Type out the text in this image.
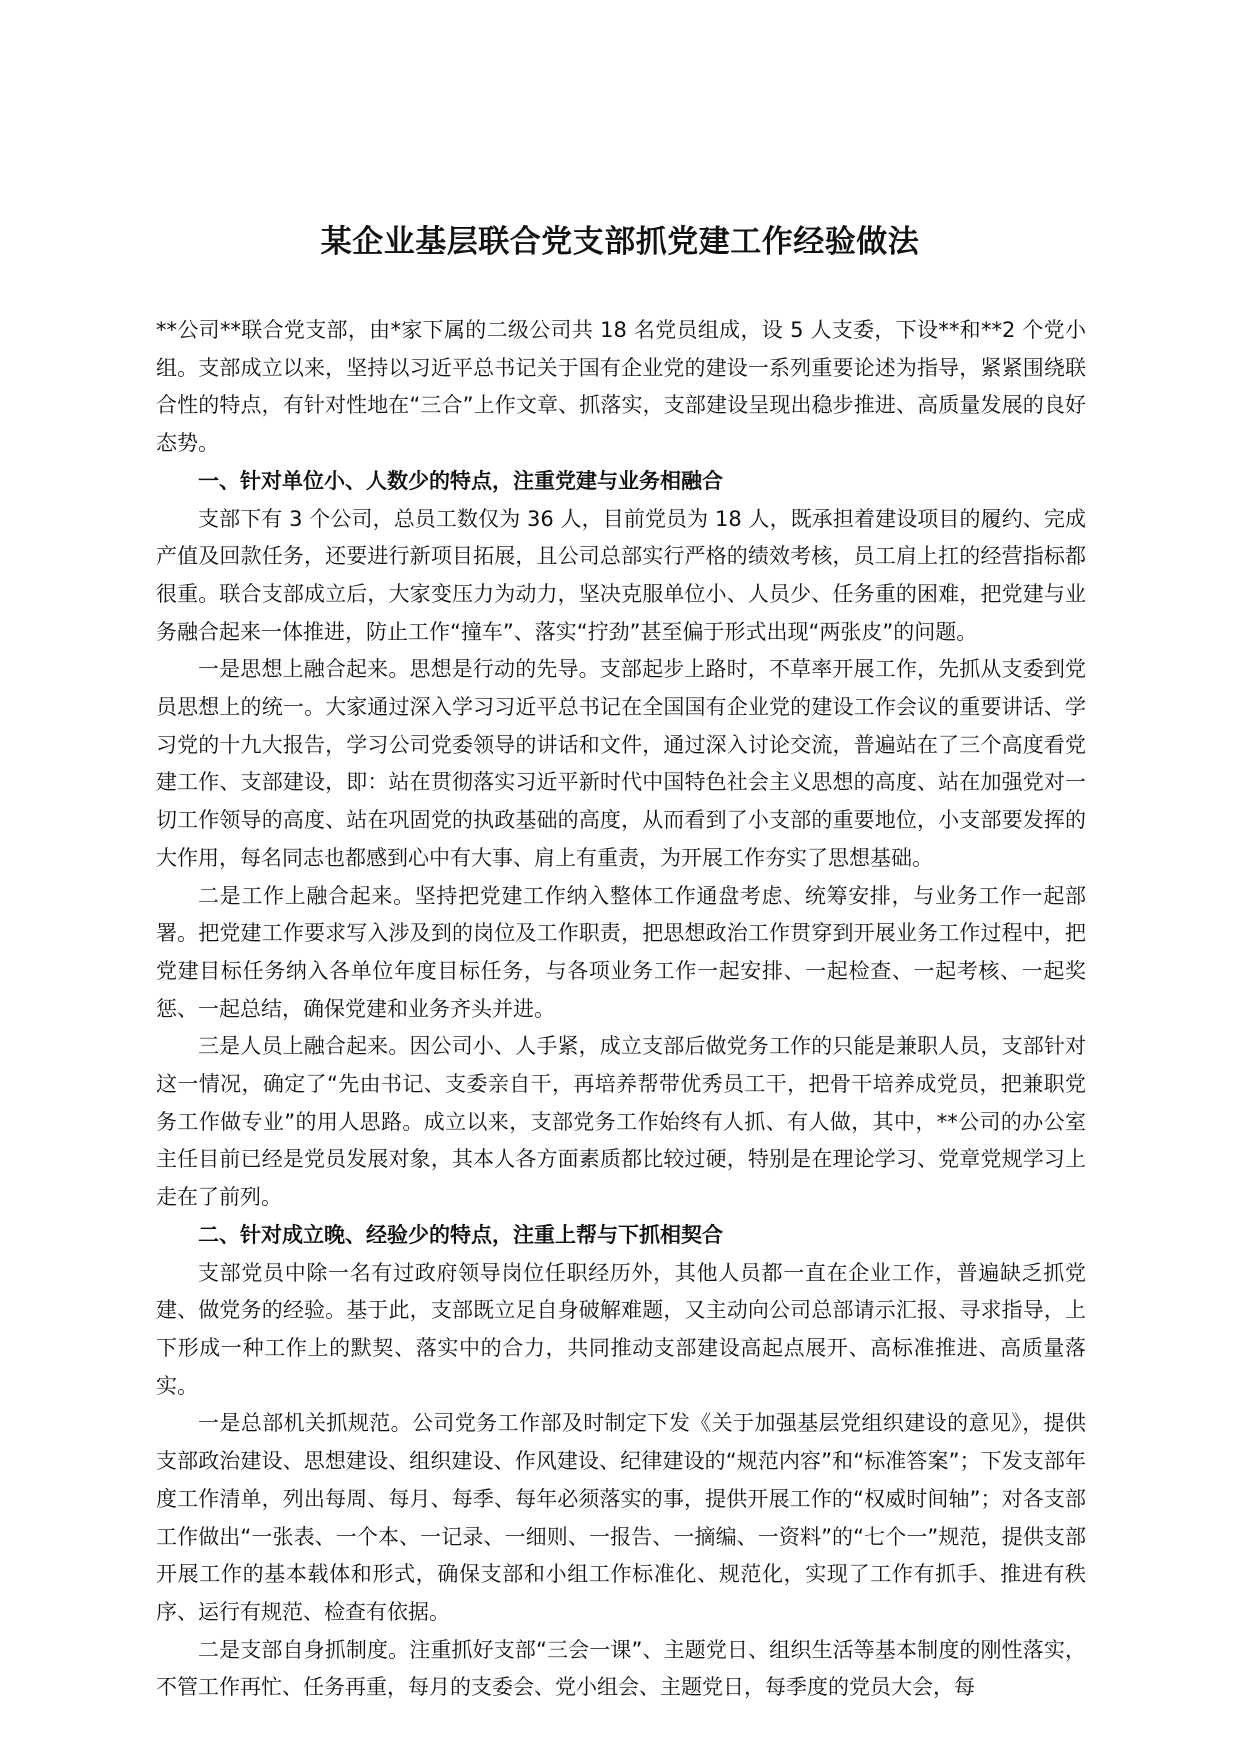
某企业基层联合党支部抓党建工作经验做法

**公司**联合党支部，由*家下属的二级公司共 18 名党员组成，设 5 人支委，下设**和**2 个党小组。支部成立以来，坚持以习近平总书记关于国有企业党的建设一系列重要论述为指导，紧紧围绕联合性的特点，有针对性地在“三合”上作文章、抓落实，支部建设呈现出稳步推进、高质量发展的良好态势。

一、针对单位小、人数少的特点，注重党建与业务相融合

支部下有 3 个公司，总员工数仅为 36 人，目前党员为 18 人，既承担着建设项目的履约、完成产值及回款任务，还要进行新项目拓展，且公司总部实行严格的绩效考核，员工肩上扛的经营指标都很重。联合支部成立后，大家变压力为动力，坚决克服单位小、人员少、任务重的困难，把党建与业务融合起来一体推进，防止工作“撞车”、落实“拧劲”甚至偏于形式出现“两张皮”的问题。

一是思想上融合起来。思想是行动的先导。支部起步上路时，不草率开展工作，先抓从支委到党员思想上的统一。大家通过深入学习习近平总书记在全国国有企业党的建设工作会议的重要讲话、学习党的十九大报告，学习公司党委领导的讲话和文件，通过深入讨论交流，普遍站在了三个高度看党建工作、支部建设，即：站在贯彻落实习近平新时代中国特色社会主义思想的高度、站在加强党对一切工作领导的高度、站在巩固党的执政基础的高度，从而看到了小支部的重要地位，小支部要发挥的大作用，每名同志也都感到心中有大事、肩上有重责，为开展工作夯实了思想基础。

二是工作上融合起来。坚持把党建工作纳入整体工作通盘考虑、统筹安排，与业务工作一起部署。把党建工作要求写入涉及到的岗位及工作职责，把思想政治工作贯穿到开展业务工作过程中，把党建目标任务纳入各单位年度目标任务，与各项业务工作一起安排、一起检查、一起考核、一起奖惩、一起总结，确保党建和业务齐头并进。

三是人员上融合起来。因公司小、人手紧，成立支部后做党务工作的只能是兼职人员，支部针对这一情况，确定了“先由书记、支委亲自干，再培养帮带优秀员工干，把骨干培养成党员，把兼职党务工作做专业”的用人思路。成立以来，支部党务工作始终有人抓、有人做，其中，**公司的办公室主任目前已经是党员发展对象，其本人各方面素质都比较过硬，特别是在理论学习、党章党规学习上走在了前列。

二、针对成立晚、经验少的特点，注重上帮与下抓相契合

支部党员中除一名有过政府领导岗位任职经历外，其他人员都一直在企业工作，普遍缺乏抓党建、做党务的经验。基于此，支部既立足自身破解难题，又主动向公司总部请示汇报、寻求指导，上下形成一种工作上的默契、落实中的合力，共同推动支部建设高起点展开、高标准推进、高质量落实。

一是总部机关抓规范。公司党务工作部及时制定下发《关于加强基层党组织建设的意见》，提供支部政治建设、思想建设、组织建设、作风建设、纪律建设的“规范内容”和“标准答案”；下发支部年度工作清单，列出每周、每月、每季、每年必须落实的事，提供开展工作的“权威时间轴”；对各支部工作做出“一张表、一个本、一记录、一细则、一报告、一摘编、一资料”的“七个一”规范，提供支部开展工作的基本载体和形式，确保支部和小组工作标准化、规范化，实现了工作有抓手、推进有秩序、运行有规范、检查有依据。

二是支部自身抓制度。注重抓好支部“三会一课”、主题党日、组织生活等基本制度的刚性落实，不管工作再忙、任务再重，每月的支委会、党小组会、主题党日，每季度的党员大会，每
